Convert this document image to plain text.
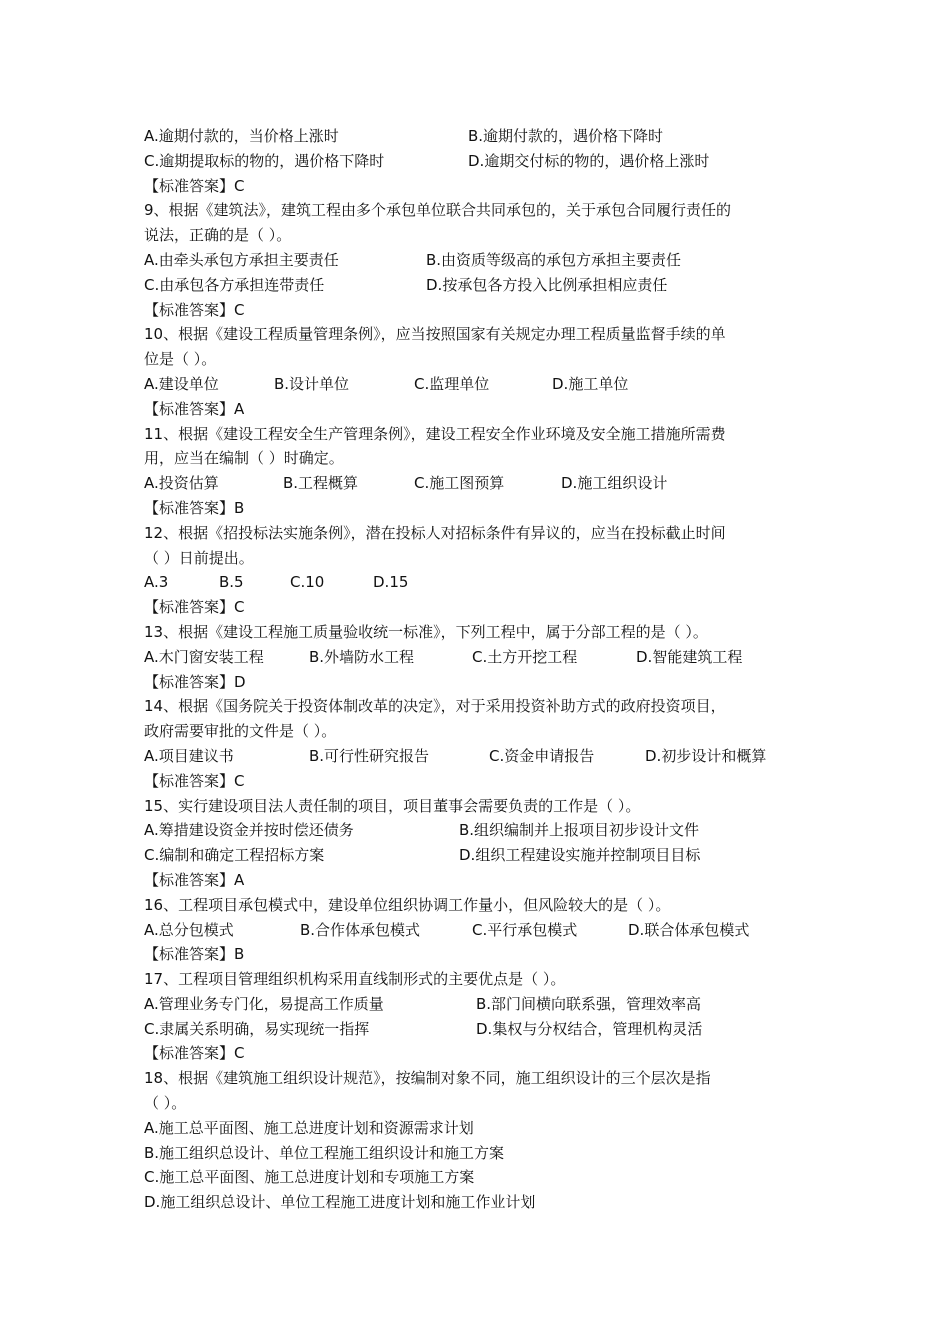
A.逾期付款的，当价格上涨时	B.逾期付款的，遇价格下降时
C.逾期提取标的物的，遇价格下降时	D.逾期交付标的物的，遇价格上涨时
【标准答案】C
9、根据《建筑法》，建筑工程由多个承包单位联合共同承包的，关于承包合同履行责任的
说法，正确的是（ ）。
A.由牵头承包方承担主要责任	B.由资质等级高的承包方承担主要责任
C.由承包各方承担连带责任	D.按承包各方投入比例承担相应责任
【标准答案】C
10、根据《建设工程质量管理条例》，应当按照国家有关规定办理工程质量监督手续的单
位是（ ）。
A.建设单位	B.设计单位	C.监理单位	D.施工单位
【标准答案】A
11、根据《建设工程安全生产管理条例》，建设工程安全作业环境及安全施工措施所需费
用，应当在编制（ ）时确定。
A.投资估算	B.工程概算	C.施工图预算	D.施工组织设计
【标准答案】B
12、根据《招投标法实施条例》，潜在投标人对招标条件有异议的，应当在投标截止时间
（ ）日前提出。
A.3	B.5	C.10	D.15
【标准答案】C
13、根据《建设工程施工质量验收统一标准》，下列工程中，属于分部工程的是（ ）。
A.木门窗安装工程	B.外墙防水工程	C.土方开挖工程	D.智能建筑工程
【标准答案】D
14、根据《国务院关于投资体制改革的决定》，对于采用投资补助方式的政府投资项目，
政府需要审批的文件是（ ）。
A.项目建议书	B.可行性研究报告	C.资金申请报告	D.初步设计和概算
【标准答案】C
15、实行建设项目法人责任制的项目，项目董事会需要负责的工作是（ ）。
A.筹措建设资金并按时偿还债务	B.组织编制并上报项目初步设计文件
C.编制和确定工程招标方案	D.组织工程建设实施并控制项目目标
【标准答案】A
16、工程项目承包模式中，建设单位组织协调工作量小，但风险较大的是（ ）。
A.总分包模式	B.合作体承包模式	C.平行承包模式	D.联合体承包模式
【标准答案】B
17、工程项目管理组织机构采用直线制形式的主要优点是（ ）。
A.管理业务专门化，易提高工作质量	B.部门间横向联系强，管理效率高
C.隶属关系明确，易实现统一指挥	D.集权与分权结合，管理机构灵活
【标准答案】C
18、根据《建筑施工组织设计规范》，按编制对象不同，施工组织设计的三个层次是指
（ ）。
A.施工总平面图、施工总进度计划和资源需求计划
B.施工组织总设计、单位工程施工组织设计和施工方案
C.施工总平面图、施工总进度计划和专项施工方案
D.施工组织总设计、单位工程施工进度计划和施工作业计划
